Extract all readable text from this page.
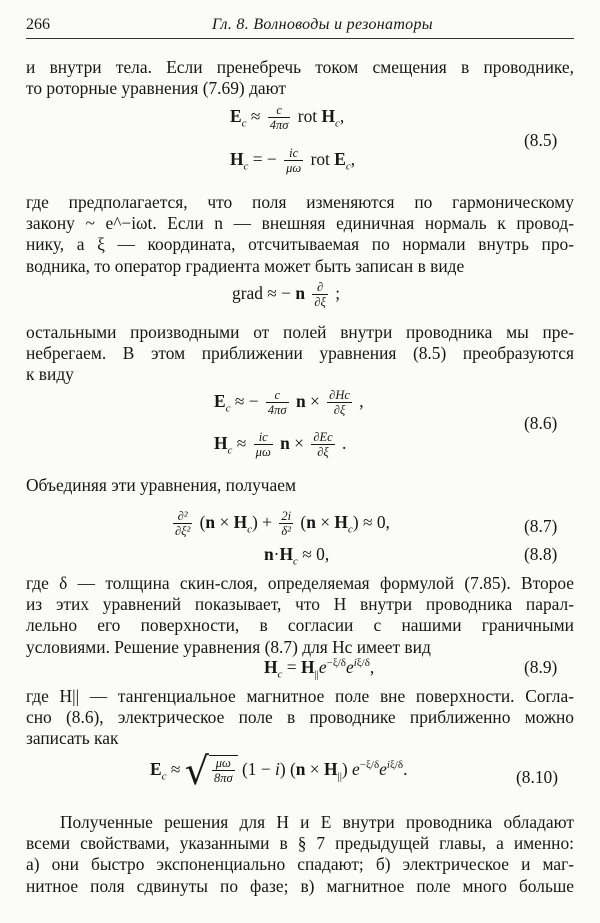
266	Гл. 8. Волноводы и резонаторы
и внутри тела. Если пренебречь током смещения в проводнике,
то роторные уравнения (7.69) дают
$E_c \approx \frac{c}{4\pi\sigma}$ rot $H_c$,
$H_c$ = − $\frac{ic}{\mu\omega}$ rot $E_c$,
(8.5)
где предполагается, что поля изменяются по гармоническому
закону ~ e^−iωt. Если n — внешняя единичная нормаль к провод-
нику, а ξ — координата, отсчитываемая по нормали внутрь про-
водника, то оператор градиента может быть записан в виде
grad ≈ − n $\frac{\partial}{\partial\xi}$ ;
остальными производными от полей внутри проводника мы пре-
небрегаем. В этом приближении уравнения (8.5) преобразуются
к виду
$E_c$ ≈ − $\frac{c}{4\pi\sigma}$ $n \times \frac{\partial Hc}{\partial\xi}$ ,
$H_c \approx \frac{ic}{\mu\omega}$ $n \times \frac{\partial Ec}{\partial\xi}$ .
(8.6)
Объединяя эти уравнения, получаем
$\frac{\text{∂²}}{\text{∂ξ²}} (n \times H_c) + \frac{2i}{\text{δ²}} (n \times H_c) \approx 0$,	(8.7)
$n\cdot H_c \approx 0$,	(8.8)
где δ — толщина скин-слоя, определяемая формулой (7.85). Второе
из этих уравнений показывает, что H внутри проводника парал-
лельно его поверхности, в согласии с нашими граничными
условиями. Решение уравнения (8.7) для Hc имеет вид
$H_c = H_{||}e^{-\xi/\delta}e^{i\xi/\delta}$,	(8.9)
где H|| — тангенциальное магнитное поле вне поверхности. Согла-
сно (8.6), электрическое поле в проводнике приближенно можно
записать как
$E_c$ ≈ √ $\frac{\mu\omega}{8\pi\sigma} (1 - i) (n \times H_{||})$ $e^{-\xi/\delta}e^{i\xi/\delta}$.	(8.10)
Полученные решения для H и E внутри проводника обладают
всеми свойствами, указанными в § 7 предыдущей главы, а именно:
а) они быстро экспоненциально спадают; б) электрическое и маг-
нитное поля сдвинуты по фазе; в) магнитное поле много больше
